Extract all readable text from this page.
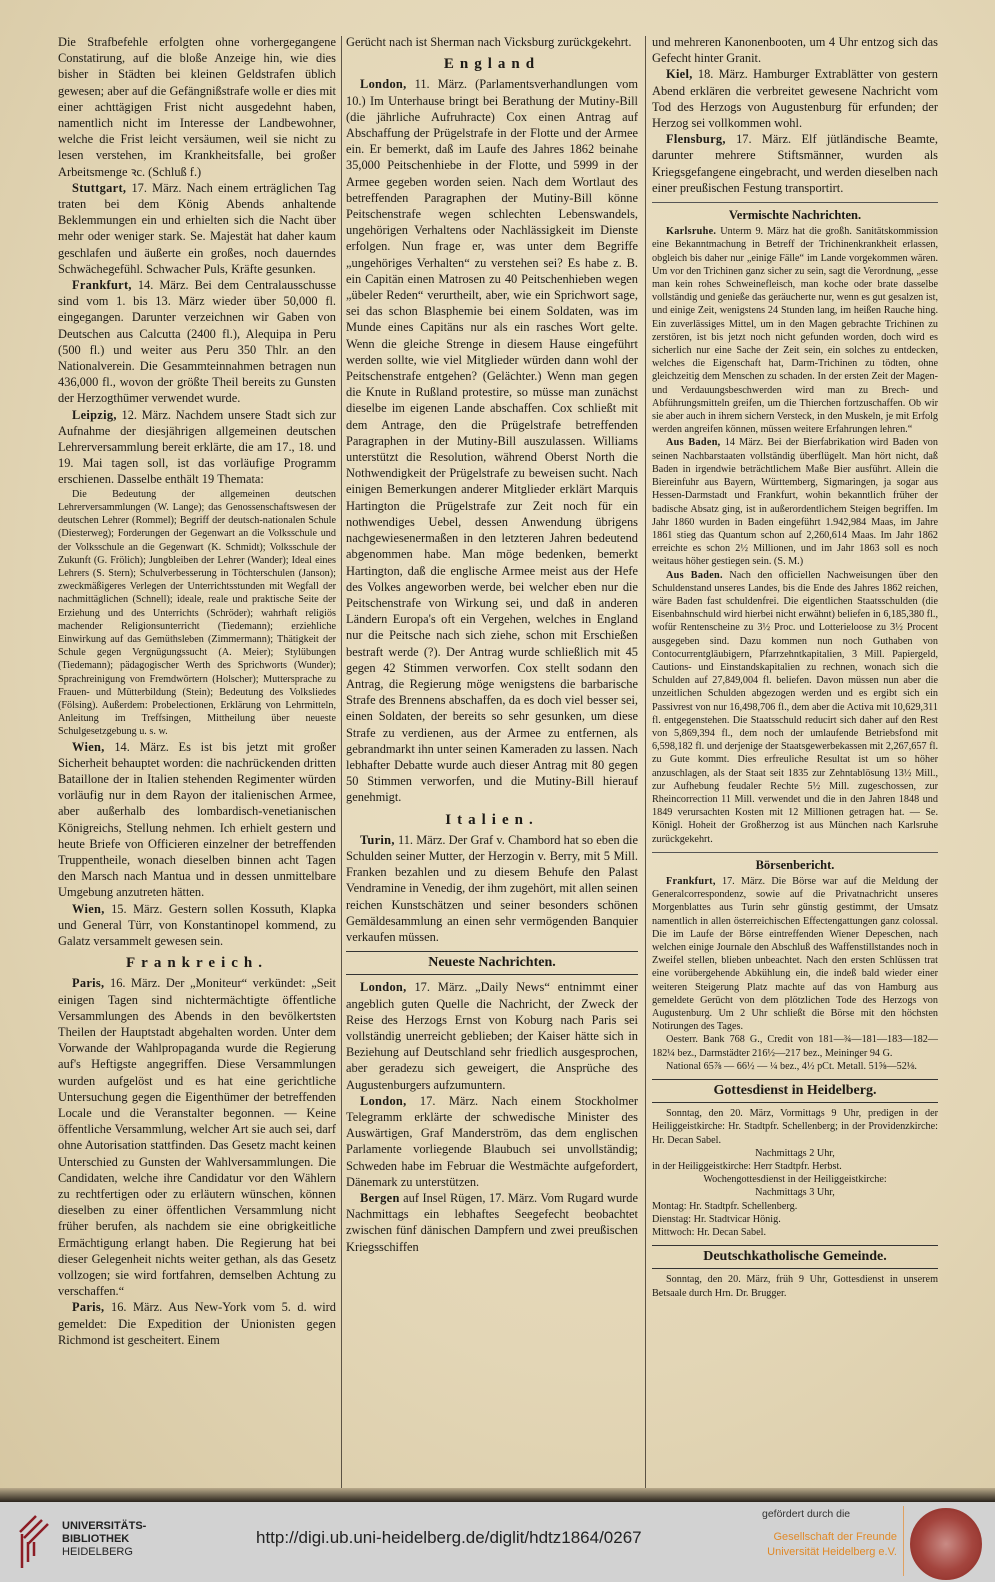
Die Strafbefehle erfolgten ohne vorhergegangene Constatirung, auf die bloße Anzeige hin, wie dies bisher in Städten bei kleinen Geldstrafen üblich gewesen; aber auf die Gefängnißstrafe wolle er dies mit einer achttägigen Frist nicht ausgedehnt haben, namentlich nicht im Interesse der Landbewohner, welche die Frist leicht versäumen, weil sie nicht zu lesen verstehen, im Krankheitsfalle, bei großer Arbeitsmenge ꝛc. (Schluß f.)

Stuttgart, 17. März. Nach einem erträglichen Tag traten bei dem König Abends anhaltende Beklemmungen ein und erhielten sich die Nacht über mehr oder weniger stark. Se. Majestät hat daher kaum geschlafen und äußerte ein großes, noch dauerndes Schwächegefühl. Schwacher Puls, Kräfte gesunken.

Frankfurt, 14. März. Bei dem Centralausschusse sind vom 1. bis 13. März wieder über 50,000 fl. eingegangen. Darunter verzeichnen wir Gaben von Deutschen aus Calcutta (2400 fl.), Alequipa in Peru (500 fl.) und weiter aus Peru 350 Thlr. an den Nationalverein. Die Gesammteinnahmen betragen nun 436,000 fl., wovon der größte Theil bereits zu Gunsten der Herzogthümer verwendet wurde.

Leipzig, 12. März. Nachdem unsere Stadt sich zur Aufnahme der diesjährigen allgemeinen deutschen Lehrerversammlung bereit erklärte, die am 17., 18. und 19. Mai tagen soll, ist das vorläufige Programm erschienen. Dasselbe enthält 19 Themata:

Die Bedeutung der allgemeinen deutschen Lehrerversammlungen (W. Lange); das Genossenschaftswesen der deutschen Lehrer (Rommel); Begriff der deutsch-nationalen Schule (Diesterweg); Forderungen der Gegenwart an die Volksschule und der Volksschule an die Gegenwart (K. Schmidt); Volksschule der Zukunft (G. Frölich); Jungbleiben der Lehrer (Wander); Ideal eines Lehrers (S. Stern); Schulverbesserung in Töchterschulen (Janson); zweckmäßigeres Verlegen der Unterrichtsstunden mit Wegfall der nachmittäglichen (Schnell); ideale, reale und praktische Seite der Erziehung und des Unterrichts (Schröder); wahrhaft religiös machender Religionsunterricht (Tiedemann); erziehliche Einwirkung auf das Gemüthsleben (Zimmermann); Thätigkeit der Schule gegen Vergnügungssucht (A. Meier); Stylübungen (Tiedemann); pädagogischer Werth des Sprichworts (Wunder); Sprachreinigung von Fremdwörtern (Holscher); Muttersprache zu Frauen- und Mütterbildung (Stein); Bedeutung des Volksliedes (Fölsing). Außerdem: Probelectionen, Erklärung von Lehrmitteln, Anleitung im Treffsingen, Mittheilung über neueste Schulgesetzgebung u. s. w.

Wien, 14. März. Es ist bis jetzt mit großer Sicherheit behauptet worden: die nachrückenden dritten Bataillone der in Italien stehenden Regimenter würden vorläufig nur in dem Rayon der italienischen Armee, aber außerhalb des lombardisch-venetianischen Königreichs, Stellung nehmen. Ich erhielt gestern und heute Briefe von Officieren einzelner der betreffenden Truppentheile, wonach dieselben binnen acht Tagen den Marsch nach Mantua und in dessen unmittelbare Umgebung anzutreten hätten.

Wien, 15. März. Gestern sollen Kossuth, Klapka und General Türr, von Konstantinopel kommend, zu Galatz versammelt gewesen sein.

Frankreich.

Paris, 16. März. Der „Moniteur“ verkündet: „Seit einigen Tagen sind nichtermächtigte öffentliche Versammlungen des Abends in den bevölkertsten Theilen der Hauptstadt abgehalten worden. Unter dem Vorwande der Wahlpropaganda wurde die Regierung auf's Heftigste angegriffen. Diese Versammlungen wurden aufgelöst und es hat eine gerichtliche Untersuchung gegen die Eigenthümer der betreffenden Locale und die Veranstalter begonnen. — Keine öffentliche Versammlung, welcher Art sie auch sei, darf ohne Autorisation stattfinden. Das Gesetz macht keinen Unterschied zu Gunsten der Wahlversammlungen. Die Candidaten, welche ihre Candidatur vor den Wählern zu rechtfertigen oder zu erläutern wünschen, können dieselben zu einer öffentlichen Versammlung nicht früher berufen, als nachdem sie eine obrigkeitliche Ermächtigung erlangt haben. Die Regierung hat bei dieser Gelegenheit nichts weiter gethan, als das Gesetz vollzogen; sie wird fortfahren, demselben Achtung zu verschaffen.“

Paris, 16. März. Aus New-York vom 5. d. wird gemeldet: Die Expedition der Unionisten gegen Richmond ist gescheitert. Einem

Gerücht nach ist Sherman nach Vicksburg zurückgekehrt.

England

London, 11. März. (Parlamentsverhandlungen vom 10.) Im Unterhause bringt bei Berathung der Mutiny-Bill (die jährliche Aufruhracte) Cox einen Antrag auf Abschaffung der Prügelstrafe in der Flotte und der Armee ein. Er bemerkt, daß im Laufe des Jahres 1862 beinahe 35,000 Peitschenhiebe in der Flotte, und 5999 in der Armee gegeben worden seien. Nach dem Wortlaut des betreffenden Paragraphen der Mutiny-Bill könne Peitschenstrafe wegen schlechten Lebenswandels, ungehörigen Verhaltens oder Nachlässigkeit im Dienste erfolgen. Nun frage er, was unter dem Begriffe „ungehöriges Verhalten“ zu verstehen sei? Es habe z. B. ein Capitän einen Matrosen zu 40 Peitschenhieben wegen „übeler Reden“ verurtheilt, aber, wie ein Sprichwort sage, sei das schon Blasphemie bei einem Soldaten, was im Munde eines Capitäns nur als ein rasches Wort gelte. Wenn die gleiche Strenge in diesem Hause eingeführt werden sollte, wie viel Mitglieder würden dann wohl der Peitschenstrafe entgehen? (Gelächter.) Wenn man gegen die Knute in Rußland protestire, so müsse man zunächst dieselbe im eigenen Lande abschaffen. Cox schließt mit dem Antrage, den die Prügelstrafe betreffenden Paragraphen in der Mutiny-Bill auszulassen. Williams unterstützt die Resolution, während Oberst North die Nothwendigkeit der Prügelstrafe zu beweisen sucht. Nach einigen Bemerkungen anderer Mitglieder erklärt Marquis Hartington die Prügelstrafe zur Zeit noch für ein nothwendiges Uebel, dessen Anwendung übrigens nachgewiesenermaßen in den letzteren Jahren bedeutend abgenommen habe. Man möge bedenken, bemerkt Hartington, daß die englische Armee meist aus der Hefe des Volkes angeworben werde, bei welcher eben nur die Peitschenstrafe von Wirkung sei, und daß in anderen Ländern Europa's oft ein Vergehen, welches in England nur die Peitsche nach sich ziehe, schon mit Erschießen bestraft werde (?). Der Antrag wurde schließlich mit 45 gegen 42 Stimmen verworfen. Cox stellt sodann den Antrag, die Regierung möge wenigstens die barbarische Strafe des Brennens abschaffen, da es doch viel besser sei, einen Soldaten, der bereits so sehr gesunken, um diese Strafe zu verdienen, aus der Armee zu entfernen, als gebrandmarkt ihn unter seinen Kameraden zu lassen. Nach lebhafter Debatte wurde auch dieser Antrag mit 80 gegen 50 Stimmen verworfen, und die Mutiny-Bill hierauf genehmigt.

Italien.

Turin, 11. März. Der Graf v. Chambord hat so eben die Schulden seiner Mutter, der Herzogin v. Berry, mit 5 Mill. Franken bezahlen und zu diesem Behufe den Palast Vendramine in Venedig, der ihm zugehört, mit allen seinen reichen Kunstschätzen und seiner besonders schönen Gemäldesammlung an einen sehr vermögenden Banquier verkaufen müssen.

Neueste Nachrichten.

London, 17. März. „Daily News“ entnimmt einer angeblich guten Quelle die Nachricht, der Zweck der Reise des Herzogs Ernst von Koburg nach Paris sei vollständig unerreicht geblieben; der Kaiser hätte sich in Beziehung auf Deutschland sehr friedlich ausgesprochen, aber geradezu sich geweigert, die Ansprüche des Augustenburgers aufzumuntern.

London, 17. März. Nach einem Stockholmer Telegramm erklärte der schwedische Minister des Auswärtigen, Graf Manderström, das dem englischen Parlamente vorliegende Blaubuch sei unvollständig; Schweden habe im Februar die Westmächte aufgefordert, Dänemark zu unterstützen.

Bergen auf Insel Rügen, 17. März. Vom Rugard wurde Nachmittags ein lebhaftes Seegefecht beobachtet zwischen fünf dänischen Dampfern und zwei preußischen Kriegsschiffen

und mehreren Kanonenbooten, um 4 Uhr entzog sich das Gefecht hinter Granit.

Kiel, 18. März. Hamburger Extrablätter von gestern Abend erklären die verbreitet gewesene Nachricht vom Tod des Herzogs von Augustenburg für erfunden; der Herzog sei vollkommen wohl.

Flensburg, 17. März. Elf jütländische Beamte, darunter mehrere Stiftsmänner, wurden als Kriegsgefangene eingebracht, und werden dieselben nach einer preußischen Festung transportirt.

Vermischte Nachrichten.

Karlsruhe. Unterm 9. März hat die großh. Sanitätskommission eine Bekanntmachung in Betreff der Trichinenkrankheit erlassen, obgleich bis daher nur „einige Fälle“ im Lande vorgekommen wären. Um vor den Trichinen ganz sicher zu sein, sagt die Verordnung, „esse man kein rohes Schweinefleisch, man koche oder brate dasselbe vollständig und genieße das geräucherte nur, wenn es gut gesalzen ist, und einige Zeit, wenigstens 24 Stunden lang, im heißen Rauche hing. Ein zuverlässiges Mittel, um in den Magen gebrachte Trichinen zu zerstören, ist bis jetzt noch nicht gefunden worden, doch wird es sicherlich nur eine Sache der Zeit sein, ein solches zu entdecken, welches die Eigenschaft hat, Darm-Trichinen zu tödten, ohne gleichzeitig dem Menschen zu schaden. In der ersten Zeit der Magen- und Verdauungsbeschwerden wird man zu Brech- und Abführungsmitteln greifen, um die Thierchen fortzuschaffen. Ob wir sie aber auch in ihrem sichern Versteck, in den Muskeln, je mit Erfolg werden angreifen können, müssen weitere Erfahrungen lehren.“

Aus Baden, 14 März. Bei der Bierfabrikation wird Baden von seinen Nachbarstaaten vollständig überflügelt. Man hört nicht, daß Baden in irgendwie beträchtlichem Maße Bier ausführt. Allein die Biereinfuhr aus Bayern, Württemberg, Sigmaringen, ja sogar aus Hessen-Darmstadt und Frankfurt, wohin bekanntlich früher der badische Absatz ging, ist in außerordentlichem Steigen begriffen. Im Jahr 1860 wurden in Baden eingeführt 1.942,984 Maas, im Jahre 1861 stieg das Quantum schon auf 2,260,614 Maas. Im Jahr 1862 erreichte es schon 2½ Millionen, und im Jahr 1863 soll es noch weitaus höher gestiegen sein. (S. M.)

Aus Baden. Nach den officiellen Nachweisungen über den Schuldenstand unseres Landes, bis die Ende des Jahres 1862 reichen, wäre Baden fast schuldenfrei. Die eigentlichen Staatsschulden (die Eisenbahnschuld wird hierbei nicht erwähnt) beliefen in 6,185,380 fl., wofür Rentenscheine zu 3½ Proc. und Lotterieloose zu 3½ Procent ausgegeben sind. Dazu kommen nun noch Guthaben von Contocurrentgläubigern, Pfarrzehntkapitalien, 3 Mill. Papiergeld, Cautions- und Einstandskapitalien zu rechnen, wonach sich die Schulden auf 27,849,004 fl. beliefen. Davon müssen nun aber die unzeitlichen Schulden abgezogen werden und es ergibt sich ein Passivrest von nur 16,498,706 fl., dem aber die Activa mit 10,629,311 fl. entgegenstehen. Die Staatsschuld reducirt sich daher auf den Rest von 5,869,394 fl., dem noch der umlaufende Betriebsfond mit 6,598,182 fl. und derjenige der Staatsgewerbekassen mit 2,267,657 fl. zu Gute kommt. Dies erfreuliche Resultat ist um so höher anzuschlagen, als der Staat seit 1835 zur Zehntablösung 13½ Mill., zur Aufhebung feudaler Rechte 5½ Mill. zugeschossen, zur Rheincorrection 11 Mill. verwendet und die in den Jahren 1848 und 1849 verursachten Kosten mit 12 Millionen getragen hat. — Se. Königl. Hoheit der Großherzog ist aus München nach Karlsruhe zurückgekehrt.

Börsenbericht.

Frankfurt, 17. März. Die Börse war auf die Meldung der Generalcorrespondenz, sowie auf die Privatnachricht unseres Morgenblattes aus Turin sehr günstig gestimmt, der Umsatz namentlich in allen österreichischen Effectengattungen ganz colossal. Die im Laufe der Börse eintreffenden Wiener Depeschen, nach welchen einige Journale den Abschluß des Waffenstillstandes noch in Zweifel stellen, blieben unbeachtet. Nach den ersten Schlüssen trat eine vorübergehende Abkühlung ein, die indeß bald wieder einer weiteren Steigerung Platz machte auf das von Hamburg aus gemeldete Gerücht von dem plötzlichen Tode des Herzogs von Augustenburg. Um 2 Uhr schließt die Börse mit den höchsten Notirungen des Tages.

Oesterr. Bank 768 G., Credit von 181—¾—181—183—182—182¼ bez., Darmstädter 216½—217 bez., Meininger 94 G.

National 65⅞ — 66½ — ¼ bez., 4½ pCt. Metall. 51⅝—52⅛.

Gottesdienst in Heidelberg.

Sonntag, den 20. März, Vormittags 9 Uhr, predigen in der Heiliggeistkirche: Hr. Stadtpfr. Schellenberg; in der Providenzkirche: Hr. Decan Sabel.

Nachmittags 2 Uhr,

in der Heiliggeistkirche: Herr Stadtpfr. Herbst.

Wochengottesdienst in der Heiliggeistkirche:

Nachmittags 3 Uhr,

Montag: Hr. Stadtpfr. Schellenberg.

Dienstag: Hr. Stadtvicar Hönig.

Mittwoch: Hr. Decan Sabel.

Deutschkatholische Gemeinde.

Sonntag, den 20. März, früh 9 Uhr, Gottesdienst in unserem Betsaale durch Hrn. Dr. Brugger.

UNIVERSITÄTS-
BIBLIOTHEK
HEIDELBERG
http://digi.ub.uni-heidelberg.de/diglit/hdtz1864/0267
gefördert durch die
Gesellschaft der Freunde
Universität Heidelberg e.V.
